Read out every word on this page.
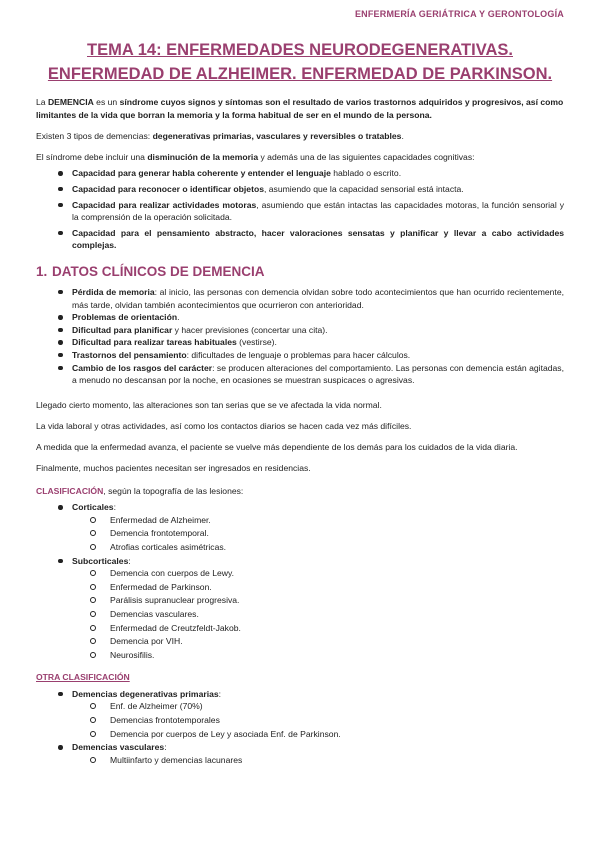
ENFERMERÍA GERIÁTRICA Y GERONTOLOGÍA
TEMA 14: ENFERMEDADES NEURODEGENERATIVAS.
ENFERMEDAD DE ALZHEIMER. ENFERMEDAD DE PARKINSON.

La DEMENCIA es un síndrome cuyos signos y síntomas son el resultado de varios trastornos adquiridos y progresivos, así como limitantes de la vida que borran la memoria y la forma habitual de ser en el mundo de la persona.

Existen 3 tipos de demencias: degenerativas primarias, vasculares y reversibles o tratables.

El síndrome debe incluir una disminución de la memoria y además una de las siguientes capacidades cognitivas:

Capacidad para generar habla coherente y entender el lenguaje hablado o escrito.
Capacidad para reconocer o identificar objetos, asumiendo que la capacidad sensorial está intacta.
Capacidad para realizar actividades motoras, asumiendo que están intactas las capacidades motoras, la función sensorial y la comprensión de la operación solicitada.
Capacidad para el pensamiento abstracto, hacer valoraciones sensatas y planificar y llevar a cabo actividades complejas.
1. DATOS CLÍNICOS DE DEMENCIA
Pérdida de memoria: al inicio, las personas con demencia olvidan sobre todo acontecimientos que han ocurrido recientemente, más tarde, olvidan también acontecimientos que ocurrieron con anterioridad.
Problemas de orientación.
Dificultad para planificar y hacer previsiones (concertar una cita).
Dificultad para realizar tareas habituales (vestirse).
Trastornos del pensamiento: dificultades de lenguaje o problemas para hacer cálculos.
Cambio de los rasgos del carácter: se producen alteraciones del comportamiento. Las personas con demencia están agitadas, a menudo no descansan por la noche, en ocasiones se muestran suspicaces o agresivas.

Llegado cierto momento, las alteraciones son tan serias que se ve afectada la vida normal.

La vida laboral y otras actividades, así como los contactos diarios se hacen cada vez más difíciles.

A medida que la enfermedad avanza, el paciente se vuelve más dependiente de los demás para los cuidados de la vida diaria.

Finalmente, muchos pacientes necesitan ser ingresados en residencias.

CLASIFICACIÓN, según la topografía de las lesiones:

Corticales:
Enfermedad de Alzheimer.
Demencia frontotemporal.
Atrofias corticales asimétricas.
Subcorticales:
Demencia con cuerpos de Lewy.
Enfermedad de Parkinson.
Parálisis supranuclear progresiva.
Demencias vasculares.
Enfermedad de Creutzfeldt-Jakob.
Demencia por VIH.
Neurosifilis.

OTRA CLASIFICACIÓN

Demencias degenerativas primarias:
Enf. de Alzheimer (70%)
Demencias frontotemporales
Demencia por cuerpos de Ley y asociada Enf. de Parkinson.
Demencias vasculares:
Multiinfarto y demencias lacunares
